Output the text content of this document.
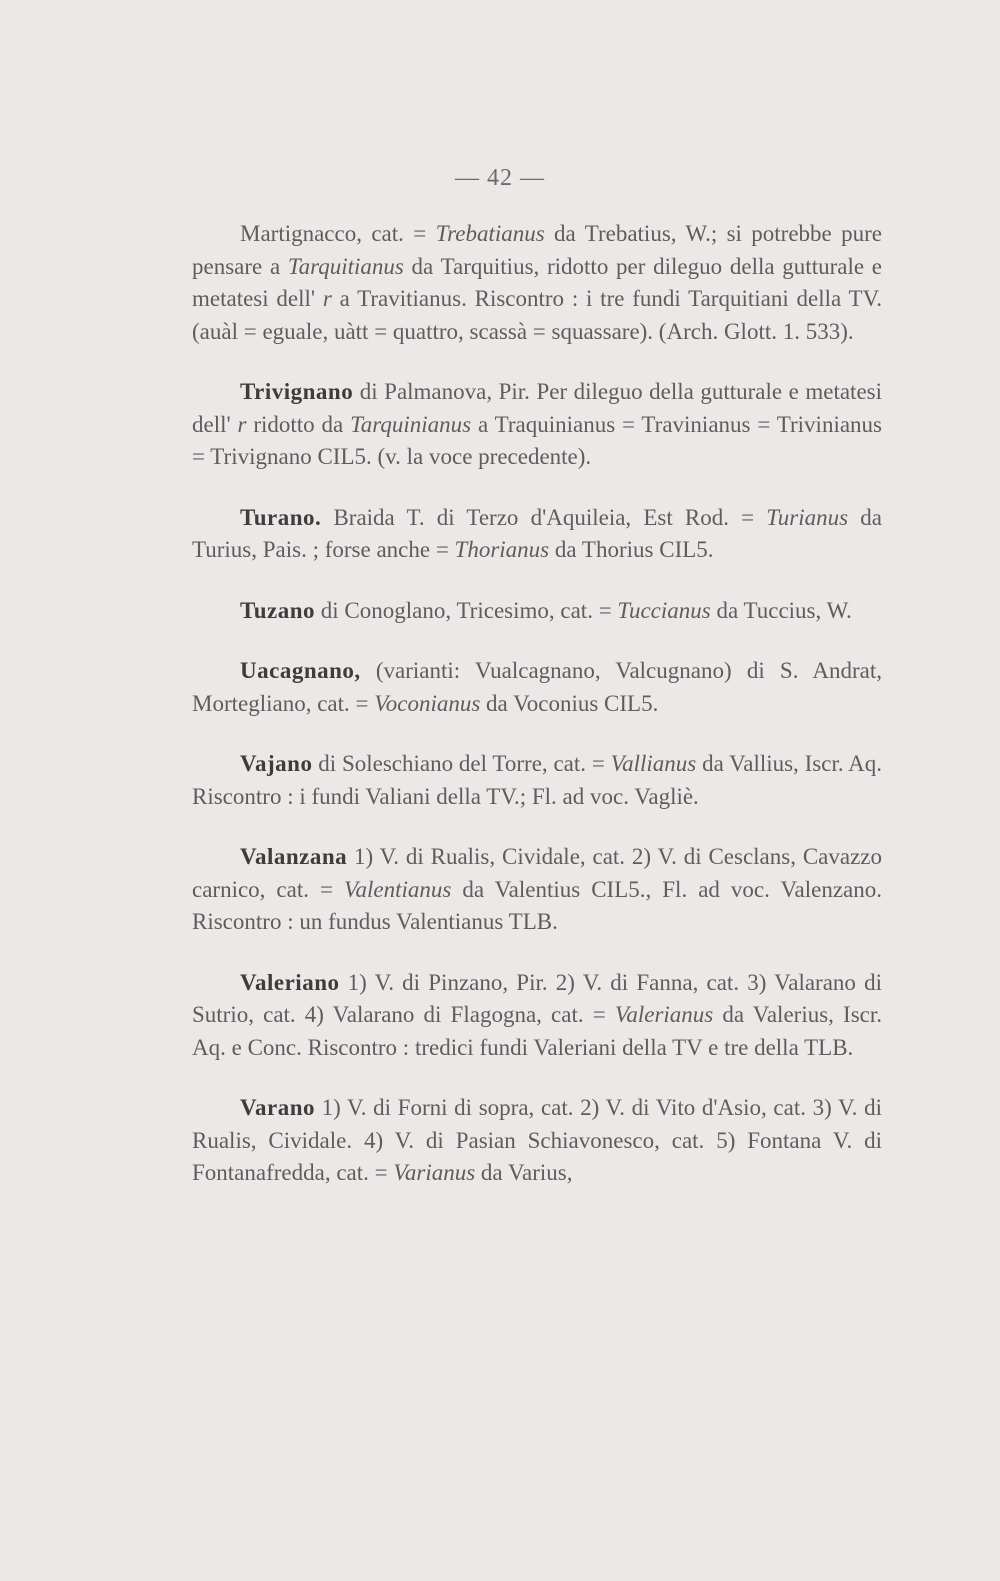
— 42 —
Martignacco, cat. = Trebatianus da Trebatius, W.; si potrebbe pure pensare a Tarquitianus da Tarquitius, ridotto per dileguo della gutturale e metatesi dell' r a Travitianus. Riscontro : i tre fundi Tarquitiani della TV. (auàl = eguale, uàtt = quattro, scassà = squassare). (Arch. Glott. 1. 533).
Trivignano di Palmanova, Pir. Per dileguo della gutturale e metatesi dell' r ridotto da Tarquinianus a Traquinianus = Travinianus = Trivinianus = Trivignano CIL5. (v. la voce precedente).
Turano. Braida T. di Terzo d'Aquileia, Est Rod. = Turianus da Turius, Pais. ; forse anche = Thorianus da Thorius CIL5.
Tuzano di Conoglano, Tricesimo, cat. = Tuccianus da Tuccius, W.
Uacagnano, (varianti: Vualcagnano, Valcugnano) di S. Andrat, Mortegliano, cat. = Voconianus da Voconius CIL5.
Vajano di Soleschiano del Torre, cat. = Vallianus da Vallius, Iscr. Aq. Riscontro : i fundi Valiani della TV.; Fl. ad voc. Vagliè.
Valanzana 1) V. di Rualis, Cividale, cat. 2) V. di Cesclans, Cavazzo carnico, cat. = Valentianus da Valentius CIL5., Fl. ad voc. Valenzano. Riscontro : un fundus Valentianus TLB.
Valeriano 1) V. di Pinzano, Pir. 2) V. di Fanna, cat. 3) Valarano di Sutrio, cat. 4) Valarano di Flagogna, cat. = Valerianus da Valerius, Iscr. Aq. e Conc. Riscontro : tredici fundi Valeriani della TV e tre della TLB.
Varano 1) V. di Forni di sopra, cat. 2) V. di Vito d'Asio, cat. 3) V. di Rualis, Cividale. 4) V. di Pasian Schiavonesco, cat. 5) Fontana V. di Fontanafredda, cat. = Varianus da Varius,
